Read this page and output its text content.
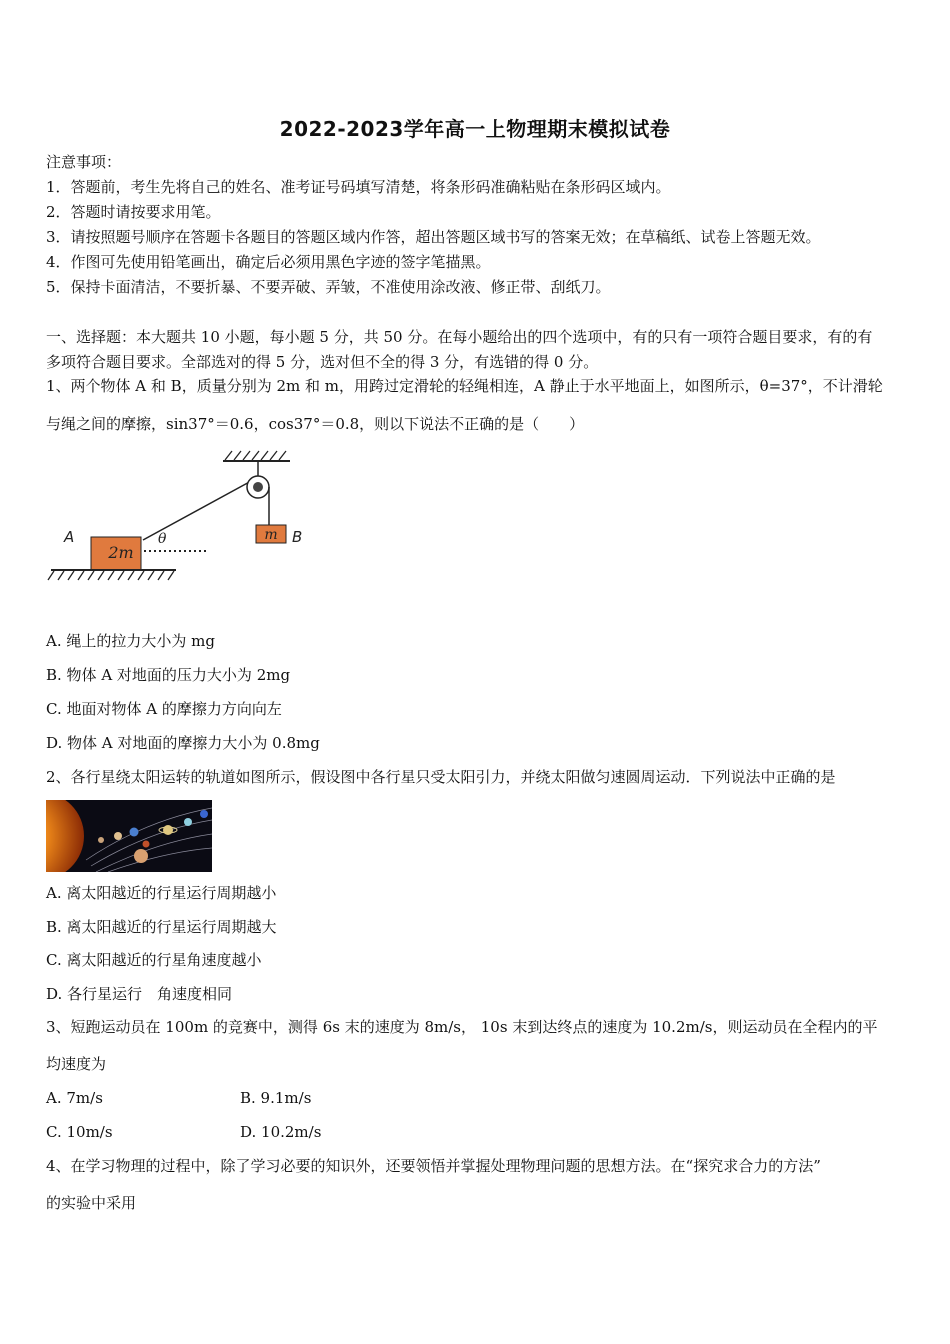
2022-2023学年高一上物理期末模拟试卷
注意事项：
1．答题前，考生先将自己的姓名、准考证号码填写清楚，将条形码准确粘贴在条形码区域内。
2．答题时请按要求用笔。
3．请按照题号顺序在答题卡各题目的答题区域内作答，超出答题区域书写的答案无效；在草稿纸、试卷上答题无效。
4．作图可先使用铅笔画出，确定后必须用黑色字迹的签字笔描黑。
5．保持卡面清洁，不要折暴、不要弄破、弄皱，不准使用涂改液、修正带、刮纸刀。
一、选择题：本大题共 10 小题，每小题 5 分，共 50 分。在每小题给出的四个选项中，有的只有一项符合题目要求，有的有
多项符合题目要求。全部选对的得 5 分，选对但不全的得 3 分，有选错的得 0 分。
1、两个物体 A 和 B，质量分别为 2m 和 m，用跨过定滑轮的轻绳相连，A 静止于水平地面上，如图所示，θ=37°，不计滑轮
与绳之间的摩擦，sin37°＝0.6，cos37°＝0.8，则以下说法不正确的是（　　）
m B
2m
A	θ
A. 绳上的拉力大小为 mg
B. 物体 A 对地面的压力大小为 2mg
C. 地面对物体 A 的摩擦力方向向左
D. 物体 A 对地面的摩擦力大小为 0.8mg
2、各行星绕太阳运转的轨道如图所示，假设图中各行星只受太阳引力，并绕太阳做匀速圆周运动．下列说法中正确的是
A. 离太阳越近的行星运行周期越小
B. 离太阳越近的行星运行周期越大
C. 离太阳越近的行星角速度越小
D. 各行星运行　角速度相同
3、短跑运动员在 100m 的竞赛中，测得 6s 末的速度为 8m/s， 10s 末到达终点的速度为 10.2m/s，则运动员在全程内的平
均速度为
A. 7m/s	B. 9.1m/s
C. 10m/s	D. 10.2m/s
4、在学习物理的过程中，除了学习必要的知识外，还要领悟并掌握处理物理问题的思想方法。在“探究求合力的方法”
的实验中采用
